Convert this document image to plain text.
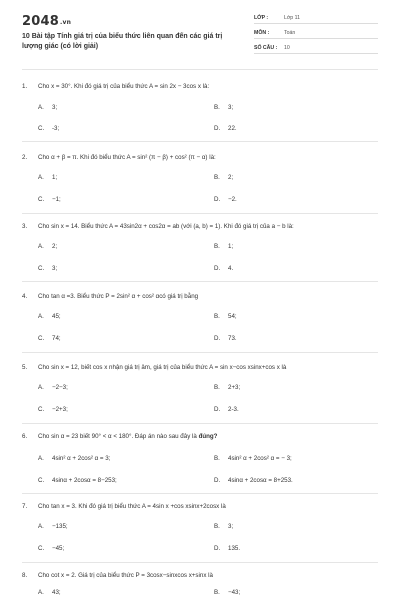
2048.vn
10 Bài tập Tính giá trị của biểu thức liên quan đến các giá trị lượng giác (có lời giải)
LỚP :	Lớp 11
MÔN :	Toán
SỐ CÂU : 10
1. Cho x = 30°. Khi đó giá trị của biểu thức A = sin 2x − 3cos x là:
A. 3;	B. 3;
C. -3;	D. 22.
2. Cho α + β = π. Khi đó biểu thức A = sin² (π − β) + cos² (π − α) là:
A. 1;	B. 2;
C. −1;	D. −2.
3. Cho sin x = 14. Biểu thức A = 43sin2α + cos2α = ab (với (a, b) = 1). Khi đó giá trị của a − b là:
A. 2;	B. 1;
C. 3;	D. 4.
4. Cho tan α =3. Biểu thức P = 2sin² α + cos² αcó giá trị bằng
A. 45;	B. 54;
C. 74;	D. 73.
5. Cho sin x = 12, biết cos x nhận giá trị âm, giá trị của biểu thức A = sin x−cos xsinx+cos x là
A. −2−3;	B. 2+3;
C. −2+3;	D. 2-3.
6. Cho sin α = 23 biết 90° < α < 180°. Đáp án nào sau đây là đúng?
A. 4sin² α + 2cos² α = 3;	B. 4sin² α + 2cos² α = − 3;
C. 4sinα + 2cosα = 8−253;	D. 4sinα + 2cosα = 8+253.
7. Cho tan x = 3. Khi đó giá trị biểu thức A = 4sin x +cos xsinx+2cosx là
A. −135;	B. 3;
C. −45;	D. 135.
8. Cho cot x = 2. Giá trị của biểu thức P = 3cosx−sinxcos x+sinx là
A. 43;	B. −43;
